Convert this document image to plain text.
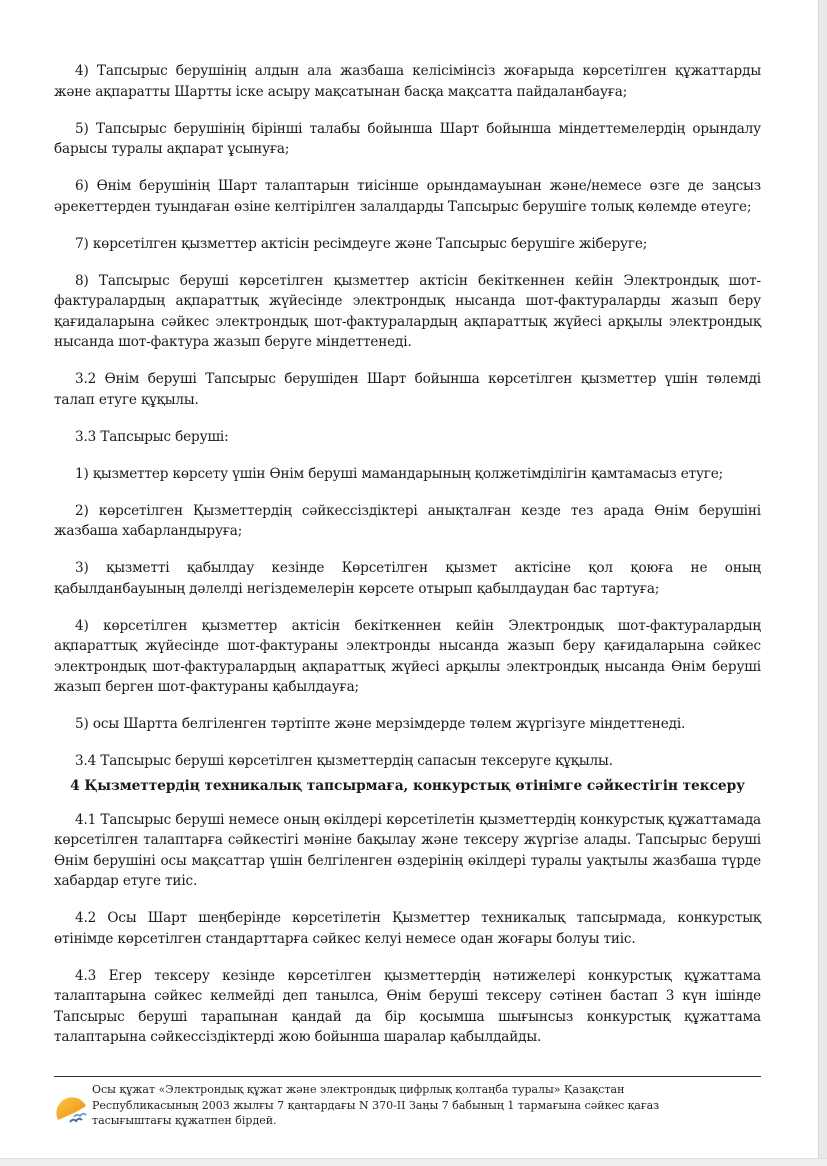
4) Тапсырыс берушінің алдын ала жазбаша келісімінсіз жоғарыда көрсетілген құжаттарды және ақпаратты Шартты іске асыру мақсатынан басқа мақсатта пайдаланбауға;

5) Тапсырыс берушінің бірінші талабы бойынша Шарт бойынша міндеттемелердің орындалу барысы туралы ақпарат ұсынуға;

6) Өнім берушінің Шарт талаптарын тиісінше орындамауынан және/немесе өзге де заңсыз әрекеттерден туындаған өзіне келтірілген залалдарды Тапсырыс берушіге толық көлемде өтеуге;

7) көрсетілген қызметтер актісін ресімдеуге және Тапсырыс берушіге жіберуге;

8) Тапсырыс беруші көрсетілген қызметтер актісін бекіткеннен кейін Электрондық шот-фактуралардың ақпараттық жүйесінде электрондық нысанда шот-фактураларды жазып беру қағидаларына сәйкес электрондық шот-фактуралардың ақпараттық жүйесі арқылы электрондық нысанда шот-фактура жазып беруге міндеттенеді.

3.2 Өнім беруші Тапсырыс берушіден Шарт бойынша көрсетілген қызметтер үшін төлемді талап етуге құқылы.

3.3 Тапсырыс беруші:

1) қызметтер көрсету үшін Өнім беруші мамандарының қолжетімділігін қамтамасыз етуге;

2) көрсетілген Қызметтердің сәйкессіздіктері анықталған кезде тез арада Өнім берушіні жазбаша хабарландыруға;

3) қызметті қабылдау кезінде Көрсетілген қызмет актісіне қол қоюға не оның қабылданбауының дәлелді негіздемелерін көрсете отырып қабылдаудан бас тартуға;

4) көрсетілген қызметтер актісін бекіткеннен кейін Электрондық шот-фактуралардың ақпараттық жүйесінде шот-фактураны электронды нысанда жазып беру қағидаларына сәйкес электрондық шот-фактуралардың ақпараттық жүйесі арқылы электрондық нысанда Өнім беруші жазып берген шот-фактураны қабылдауға;

5) осы Шартта белгіленген тәртіпте және мерзімдерде төлем жүргізуге міндеттенеді.

3.4 Тапсырыс беруші көрсетілген қызметтердің сапасын тексеруге құқылы.

4 Қызметтердің техникалық тапсырмаға, конкурстық өтінімге сәйкестігін тексеру

4.1 Тапсырыс беруші немесе оның өкілдері көрсетілетін қызметтердің конкурстық құжаттамада көрсетілген талаптарға сәйкестігі мәніне бақылау және тексеру жүргізе алады. Тапсырыс беруші Өнім берушіні осы мақсаттар үшін белгіленген өздерінің өкілдері туралы уақтылы жазбаша түрде хабардар етуге тиіс.

4.2 Осы Шарт шеңберінде көрсетілетін Қызметтер техникалық тапсырмада, конкурстық өтінімде көрсетілген стандарттарға сәйкес келуі немесе одан жоғары болуы тиіс.

4.3 Егер тексеру кезінде көрсетілген қызметтердің нәтижелері конкурстық құжаттама талаптарына сәйкес келмейді деп танылса, Өнім беруші тексеру сәтінен бастап 3 күн ішінде Тапсырыс беруші тарапынан қандай да бір қосымша шығынсыз конкурстық құжаттама талаптарына сәйкессіздіктерді жою бойынша шаралар қабылдайды.

Осы құжат «Электрондық құжат және электрондық цифрлық қолтаңба туралы» Қазақстан Республикасының 2003 жылғы 7 қаңтардағы N 370-II Заңы 7 бабының 1 тармағына сәйкес қағаз тасығыштағы құжатпен бірдей.
